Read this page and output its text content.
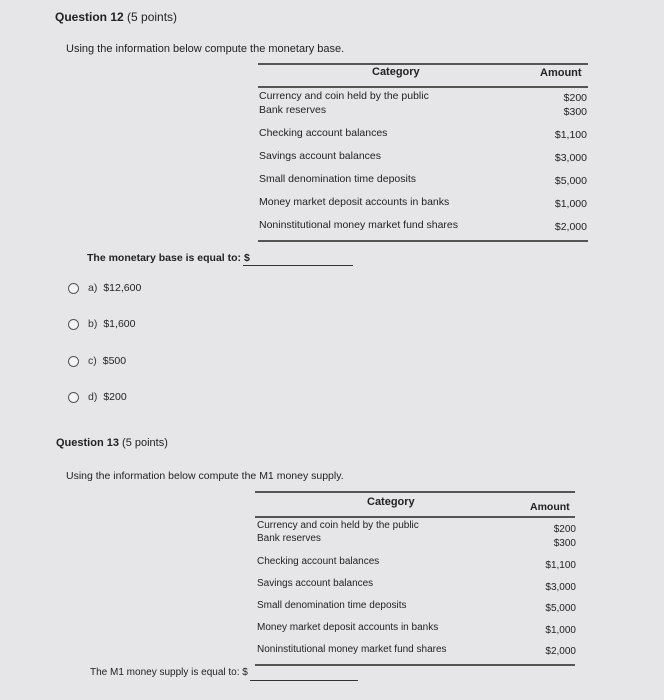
Question 12 (5 points)
Using the information below compute the monetary base.
Category	Amount
Currency and coin held by the public	$200
Bank reserves	$300
Checking account balances	$1,100
Savings account balances	$3,000
Small denomination time deposits	$5,000
Money market deposit accounts in banks	$1,000
Noninstitutional money market fund shares	$2,000
The monetary base is equal to: $
a) $12,600
b) $1,600
c) $500
d) $200
Question 13 (5 points)
Using the information below compute the M1 money supply.
Category	Amount
Currency and coin held by the public	$200
Bank reserves	$300
Checking account balances	$1,100
Savings account balances	$3,000
Small denomination time deposits	$5,000
Money market deposit accounts in banks	$1,000
Noninstitutional money market fund shares	$2,000
The M1 money supply is equal to: $
